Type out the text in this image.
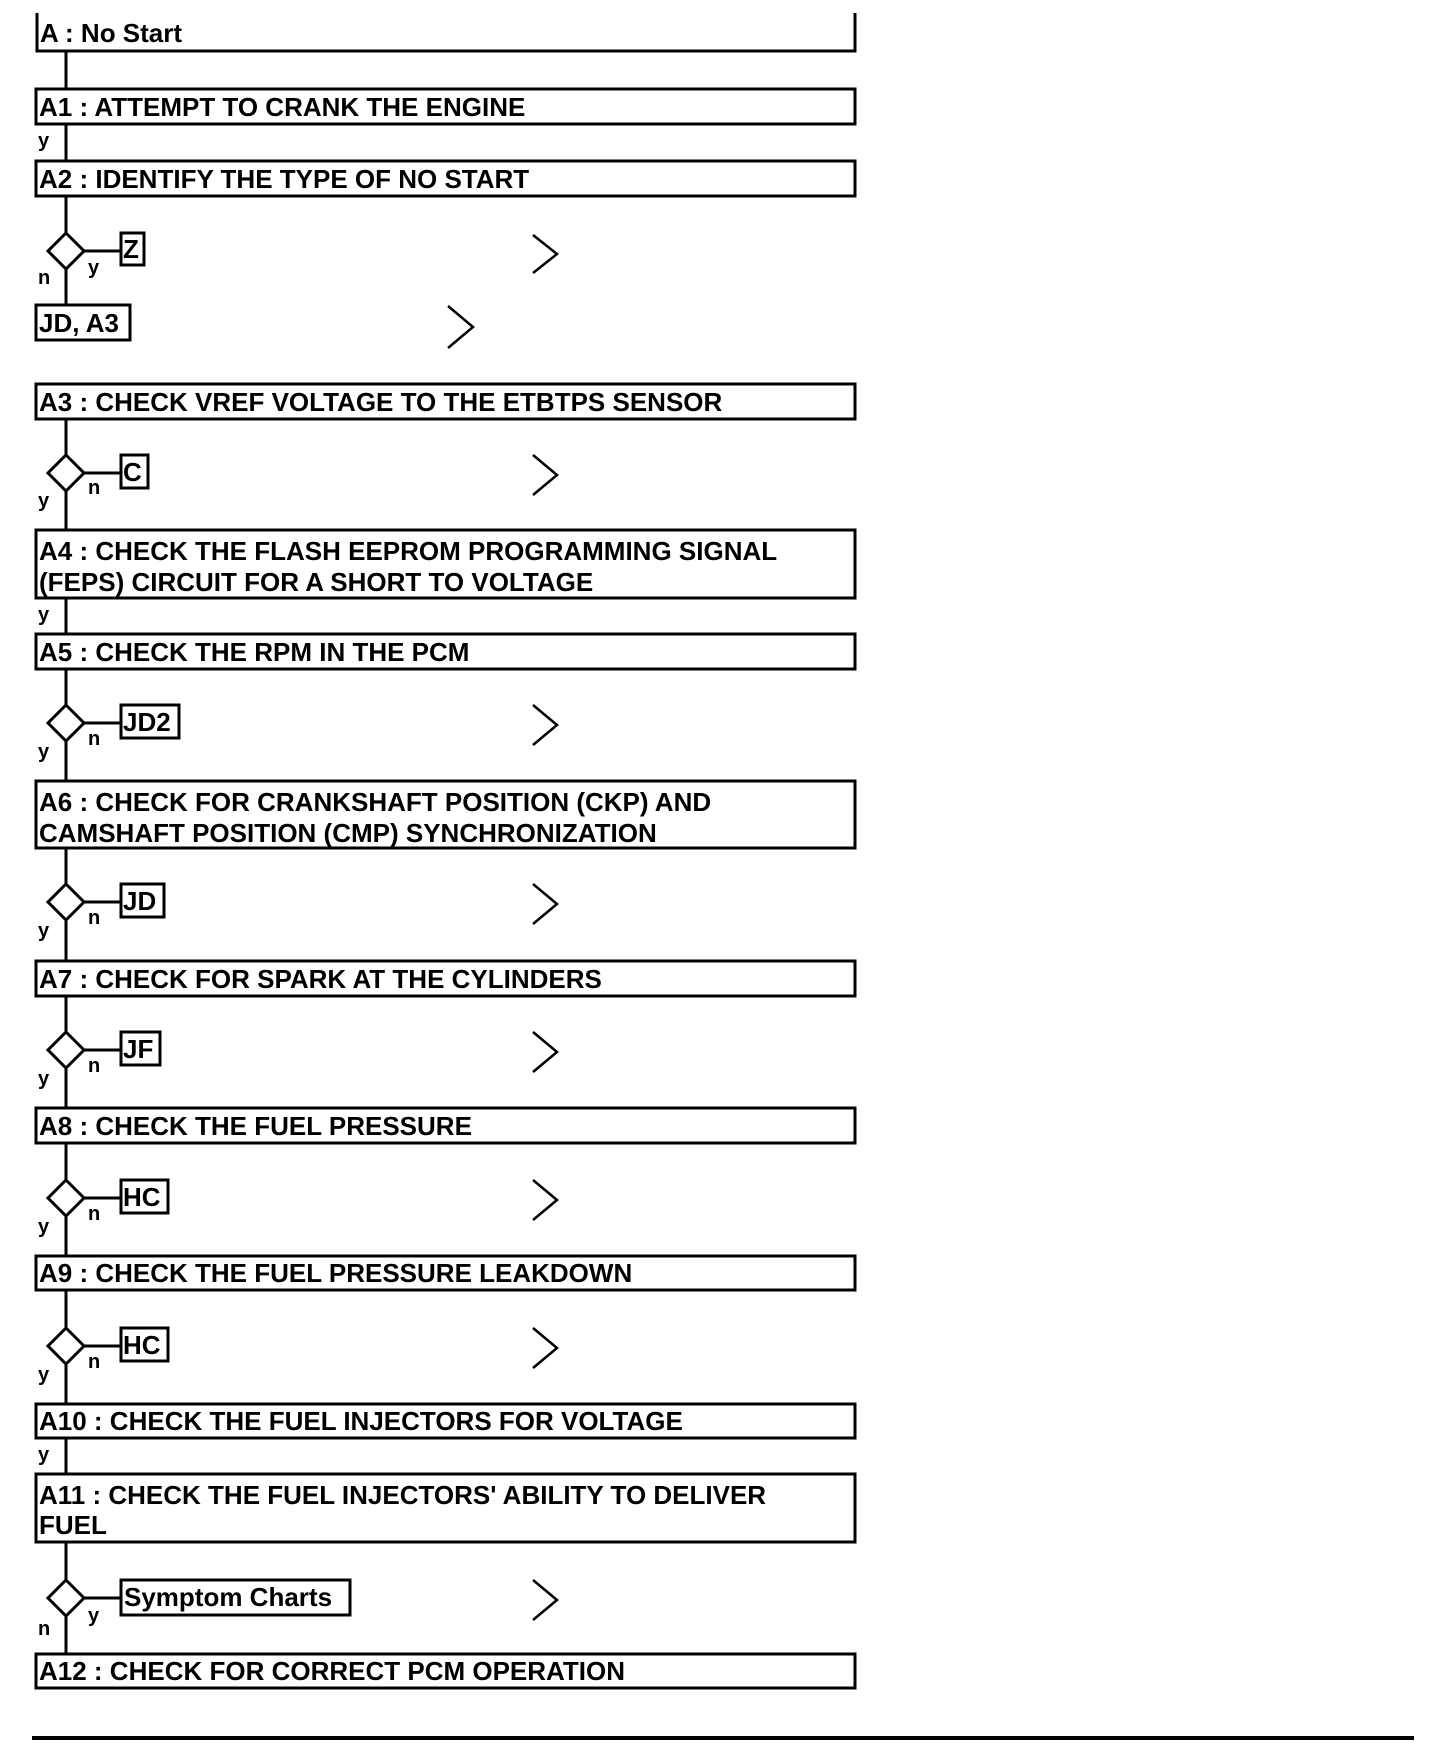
A : No Start
A1 : ATTEMPT TO CRANK THE ENGINE
A2 : IDENTIFY THE TYPE OF NO START
A3 : CHECK VREF VOLTAGE TO THE ETBTPS SENSOR
A4 : CHECK THE FLASH EEPROM PROGRAMMING SIGNAL
(FEPS) CIRCUIT FOR A SHORT TO VOLTAGE
A5 : CHECK THE RPM IN THE PCM
A6 : CHECK FOR CRANKSHAFT POSITION (CKP) AND
CAMSHAFT POSITION (CMP) SYNCHRONIZATION
A7 : CHECK FOR SPARK AT THE CYLINDERS
A8 : CHECK THE FUEL PRESSURE
A9 : CHECK THE FUEL PRESSURE LEAKDOWN
A10 : CHECK THE FUEL INJECTORS FOR VOLTAGE
A11 : CHECK THE FUEL INJECTORS' ABILITY TO DELIVER
FUEL
A12 : CHECK FOR CORRECT PCM OPERATION
y
y
y
Z
y
n
JD, A3
C
n
y
JD2
n
y
JD
n
y
JF
n
y
HC
n
y
HC
n
y
Symptom Charts
y
n
